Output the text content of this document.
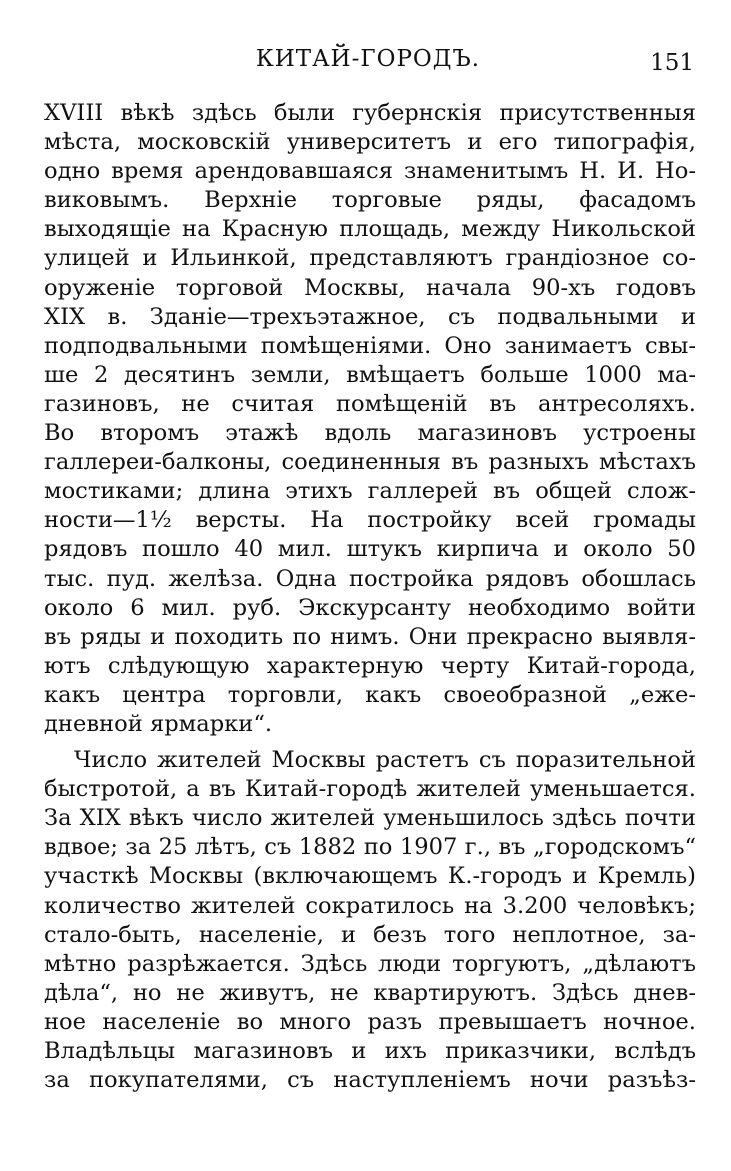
КИТАЙ-ГОРОДЪ.	151
XVIII вѣкѣ здѣсь были губернскія присутственныя
мѣста, московскій университетъ и его типографія,
одно время арендовавшаяся знаменитымъ Н. И. Но-
виковымъ. Верхніе торговые ряды, фасадомъ
выходящіе на Красную площадь, между Никольской
улицей и Ильинкой, представляютъ грандіозное со-
оруженіе торговой Москвы, начала 90-хъ годовъ
XIX в. Зданіе—трехъэтажное, съ подвальными и
подподвальными помѣщеніями. Оно занимаетъ свы-
ше 2 десятинъ земли, вмѣщаетъ больше 1000 ма-
газиновъ, не считая помѣщеній въ антресоляхъ.
Во второмъ этажѣ вдоль магазиновъ устроены
галлереи-балконы, соединенныя въ разныхъ мѣстахъ
мостиками; длина этихъ галлерей въ общей слож-
ности—1½ версты. На постройку всей громады
рядовъ пошло 40 мил. штукъ кирпича и около 50
тыс. пуд. желѣза. Одна постройка рядовъ обошлась
около 6 мил. руб. Экскурсанту необходимо войти
въ ряды и походить по нимъ. Они прекрасно выявля-
ютъ слѣдующую характерную черту Китай-города,
какъ центра торговли, какъ своеобразной „еже-
дневной ярмарки“.
Число жителей Москвы растетъ съ поразительной
быстротой, а въ Китай-городѣ жителей уменьшается.
За XIX вѣкъ число жителей уменьшилось здѣсь почти
вдвое; за 25 лѣтъ, съ 1882 по 1907 г., въ „городскомъ“
участкѣ Москвы (включающемъ К.-городъ и Кремль)
количество жителей сократилось на 3.200 человѣкъ;
стало-быть, населеніе, и безъ того неплотное, за-
мѣтно разрѣжается. Здѣсь люди торгуютъ, „дѣлаютъ
дѣла“, но не живутъ, не квартируютъ. Здѣсь днев-
ное населеніе во много разъ превышаетъ ночное.
Владѣльцы магазиновъ и ихъ приказчики, вслѣдъ
за покупателями, съ наступленіемъ ночи разъѣз-
